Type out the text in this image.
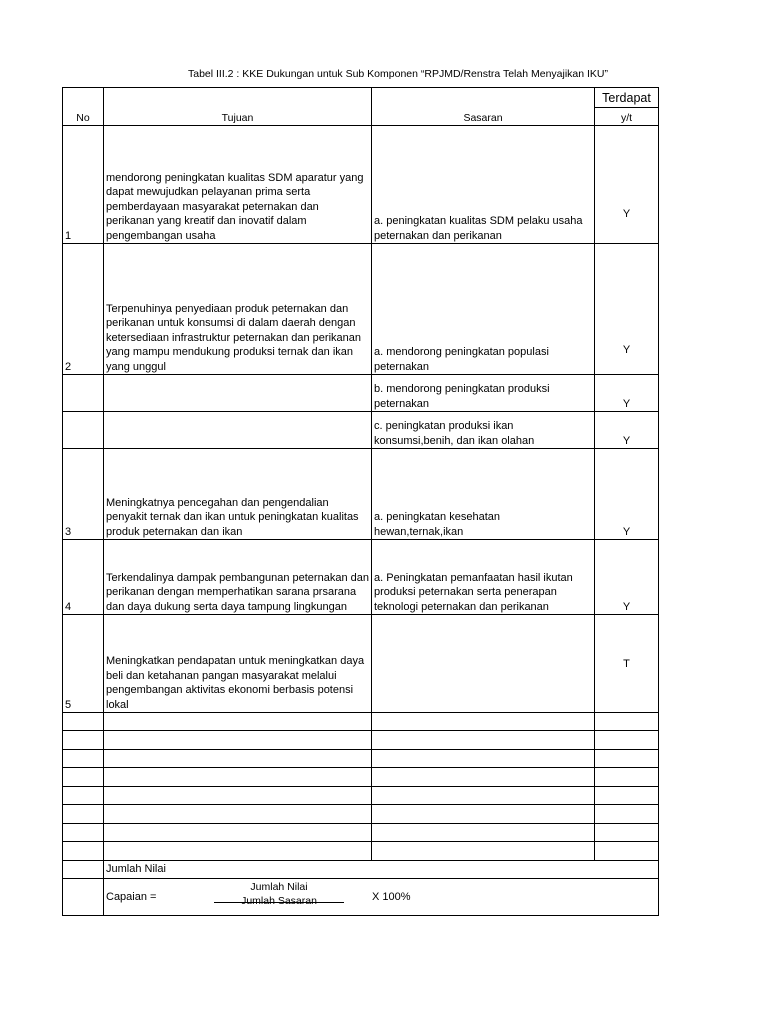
Tabel III.2 : KKE Dukungan untuk Sub Komponen “RPJMD/Renstra Telah Menyajikan IKU”
No	Tujuan	Sasaran	Terdapat
			y/t
1	mendorong peningkatan kualitas SDM aparatur yang dapat mewujudkan pelayanan prima serta pemberdayaan masyarakat peternakan dan perikanan yang kreatif dan inovatif dalam pengembangan usaha	a. peningkatan kualitas SDM pelaku usaha peternakan dan perikanan	Y
2	Terpenuhinya penyediaan produk peternakan dan perikanan untuk konsumsi di dalam daerah dengan ketersediaan infrastruktur peternakan dan perikanan yang mampu mendukung produksi ternak dan ikan yang unggul	a. mendorong peningkatan populasi peternakan	Y
		b. mendorong peningkatan produksi peternakan	Y
		c. peningkatan produksi ikan konsumsi,benih, dan ikan olahan	Y
3	Meningkatnya pencegahan dan pengendalian penyakit ternak dan ikan untuk peningkatan kualitas produk peternakan dan ikan	a. peningkatan kesehatan hewan,ternak,ikan	Y
4	Terkendalinya dampak pembangunan peternakan dan perikanan dengan memperhatikan sarana prsarana dan daya dukung serta daya tampung lingkungan	a. Peningkatan pemanfaatan hasil ikutan produksi peternakan serta penerapan teknologi peternakan dan perikanan	Y
5	Meningkatkan pendapatan untuk meningkatkan daya beli dan ketahanan pangan masyarakat melalui pengembangan aktivitas ekonomi berbasis potensi lokal		T

	Jumlah Nilai		

	Capaian =
Jumlah Nilai
Jumlah Sasaran X 100%		
